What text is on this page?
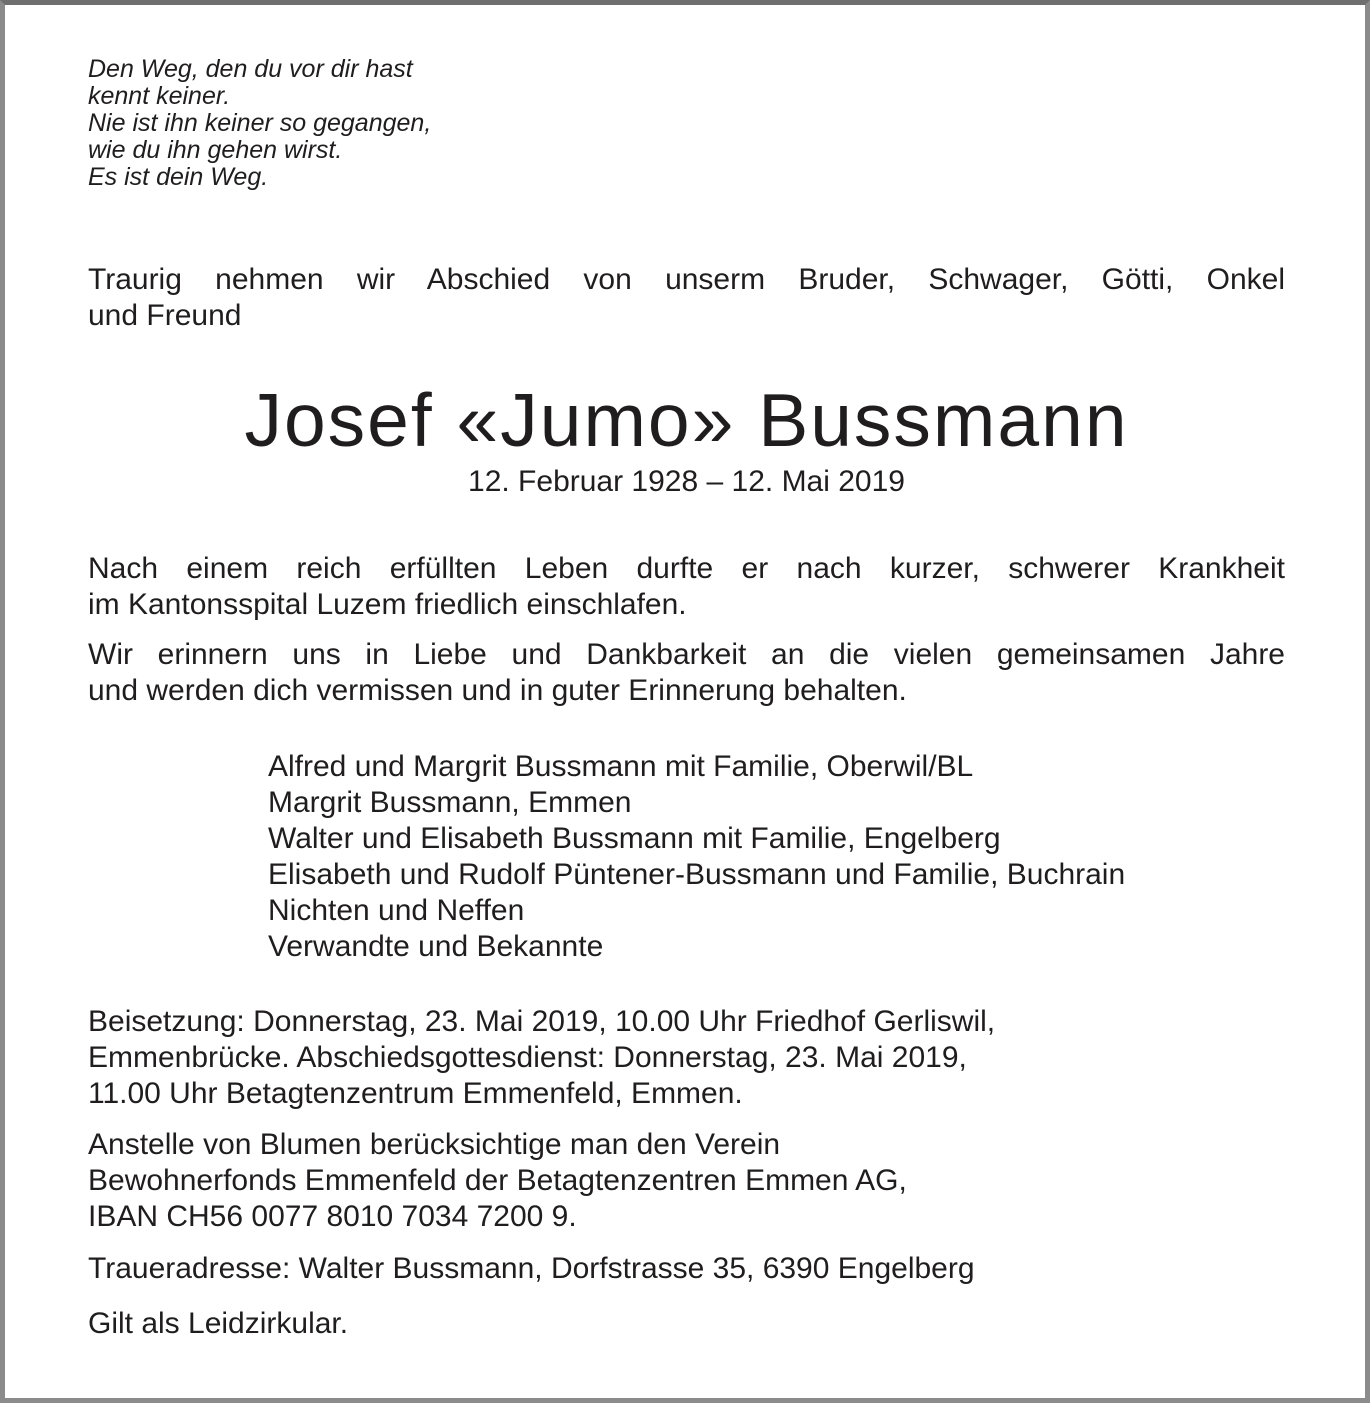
Den Weg, den du vor dir hast
kennt keiner.
Nie ist ihn keiner so gegangen,
wie du ihn gehen wirst.
Es ist dein Weg.
Traurig nehmen wir Abschied von unserm Bruder, Schwager, Götti, Onkel
und Freund
Josef «Jumo» Bussmann
12. Februar 1928 – 12. Mai 2019
Nach einem reich erfüllten Leben durfte er nach kurzer, schwerer Krankheit
im Kantonsspital Luzem friedlich einschlafen.
Wir erinnern uns in Liebe und Dankbarkeit an die vielen gemeinsamen Jahre
und werden dich vermissen und in guter Erinnerung behalten.
Alfred und Margrit Bussmann mit Familie, Oberwil/BL
Margrit Bussmann, Emmen
Walter und Elisabeth Bussmann mit Familie, Engelberg
Elisabeth und Rudolf Püntener-Bussmann und Familie, Buchrain
Nichten und Neffen
Verwandte und Bekannte
Beisetzung: Donnerstag, 23. Mai 2019, 10.00 Uhr Friedhof Gerliswil,
Emmenbrücke. Abschiedsgottesdienst: Donnerstag, 23. Mai 2019,
11.00 Uhr Betagtenzentrum Emmenfeld, Emmen.
Anstelle von Blumen berücksichtige man den Verein
Bewohnerfonds Emmenfeld der Betagtenzentren Emmen AG,
IBAN CH56 0077 8010 7034 7200 9.
Traueradresse: Walter Bussmann, Dorfstrasse 35, 6390 Engelberg
Gilt als Leidzirkular.
